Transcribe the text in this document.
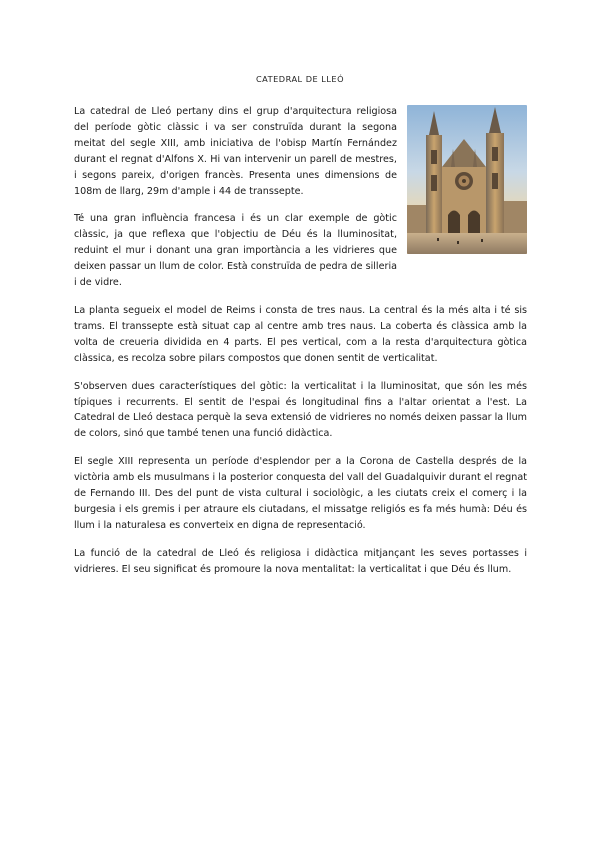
CATEDRAL DE LLEÓ

La catedral de Lleó pertany dins el grup d'arquitectura religiosa del període gòtic clàssic i va ser construïda durant la segona meitat del segle XIII, amb iniciativa de l'obisp Martín Fernández durant el regnat d'Alfons X. Hi van intervenir un parell de mestres, i segons pareix, d'origen francès. Presenta unes dimensions de 108m de llarg, 29m d'ample i 44 de transsepte.

Té una gran influència francesa i és un clar exemple de gòtic clàssic, ja que reflexa que l'objectiu de Déu és la lluminositat, reduint el mur i donant una gran importància a les vidrieres que deixen passar un llum de color. Està construïda de pedra de silleria i de vidre.

La planta segueix el model de Reims i consta de tres naus. La central és la més alta i té sis trams. El transsepte està situat cap al centre amb tres naus. La coberta és clàssica amb la volta de creueria dividida en 4 parts. El pes vertical, com a la resta d'arquitectura gòtica clàssica, es recolza sobre pilars compostos que donen sentit de verticalitat.

S'observen dues característiques del gòtic: la verticalitat i la lluminositat, que són les més típiques i recurrents. El sentit de l'espai és longitudinal fins a l'altar orientat a l'est. La Catedral de Lleó destaca perquè la seva extensió de vidrieres no només deixen passar la llum de colors, sinó que també tenen una funció didàctica.

El segle XIII representa un període d'esplendor per a la Corona de Castella després de la victòria amb els musulmans i la posterior conquesta del vall del Guadalquivir durant el regnat de Fernando III. Des del punt de vista cultural i sociològic, a les ciutats creix el comerç i la burgesia i els gremis i per atraure els ciutadans, el missatge religiós es fa més humà: Déu és llum i la naturalesa es converteix en digna de representació.

La funció de la catedral de Lleó és religiosa i didàctica mitjançant les seves portasses i vidrieres. El seu significat és promoure la nova mentalitat: la verticalitat i que Déu és llum.
